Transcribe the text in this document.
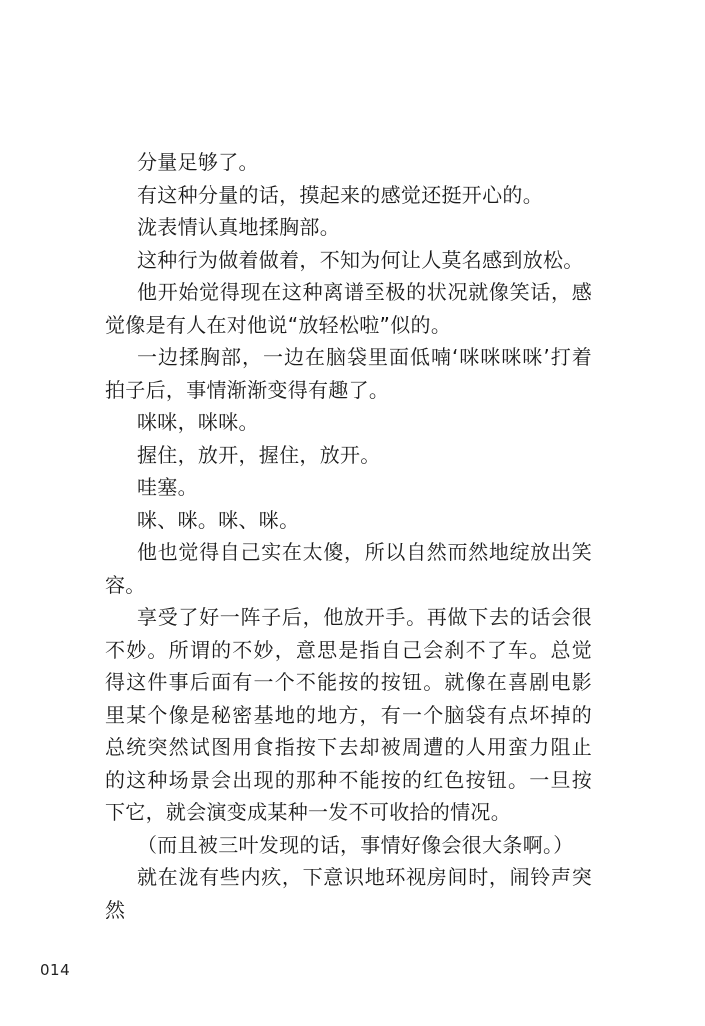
分量足够了。

有这种分量的话，摸起来的感觉还挺开心的。

泷表情认真地揉胸部。

这种行为做着做着，不知为何让人莫名感到放松。

他开始觉得现在这种离谱至极的状况就像笑话，感觉像是有人在对他说“放轻松啦”似的。

一边揉胸部，一边在脑袋里面低喃‘咪咪咪咪’打着拍子后，事情渐渐变得有趣了。

咪咪，咪咪。

握住，放开，握住，放开。

哇塞。

咪、咪。咪、咪。

他也觉得自己实在太傻，所以自然而然地绽放出笑容。

享受了好一阵子后，他放开手。再做下去的话会很不妙。所谓的不妙，意思是指自己会刹不了车。总觉得这件事后面有一个不能按的按钮。就像在喜剧电影里某个像是秘密基地的地方，有一个脑袋有点坏掉的总统突然试图用食指按下去却被周遭的人用蛮力阻止的这种场景会出现的那种不能按的红色按钮。一旦按下它，就会演变成某种一发不可收拾的情况。

（而且被三叶发现的话，事情好像会很大条啊。）

就在泷有些内疚，下意识地环视房间时，闹铃声突然

014
